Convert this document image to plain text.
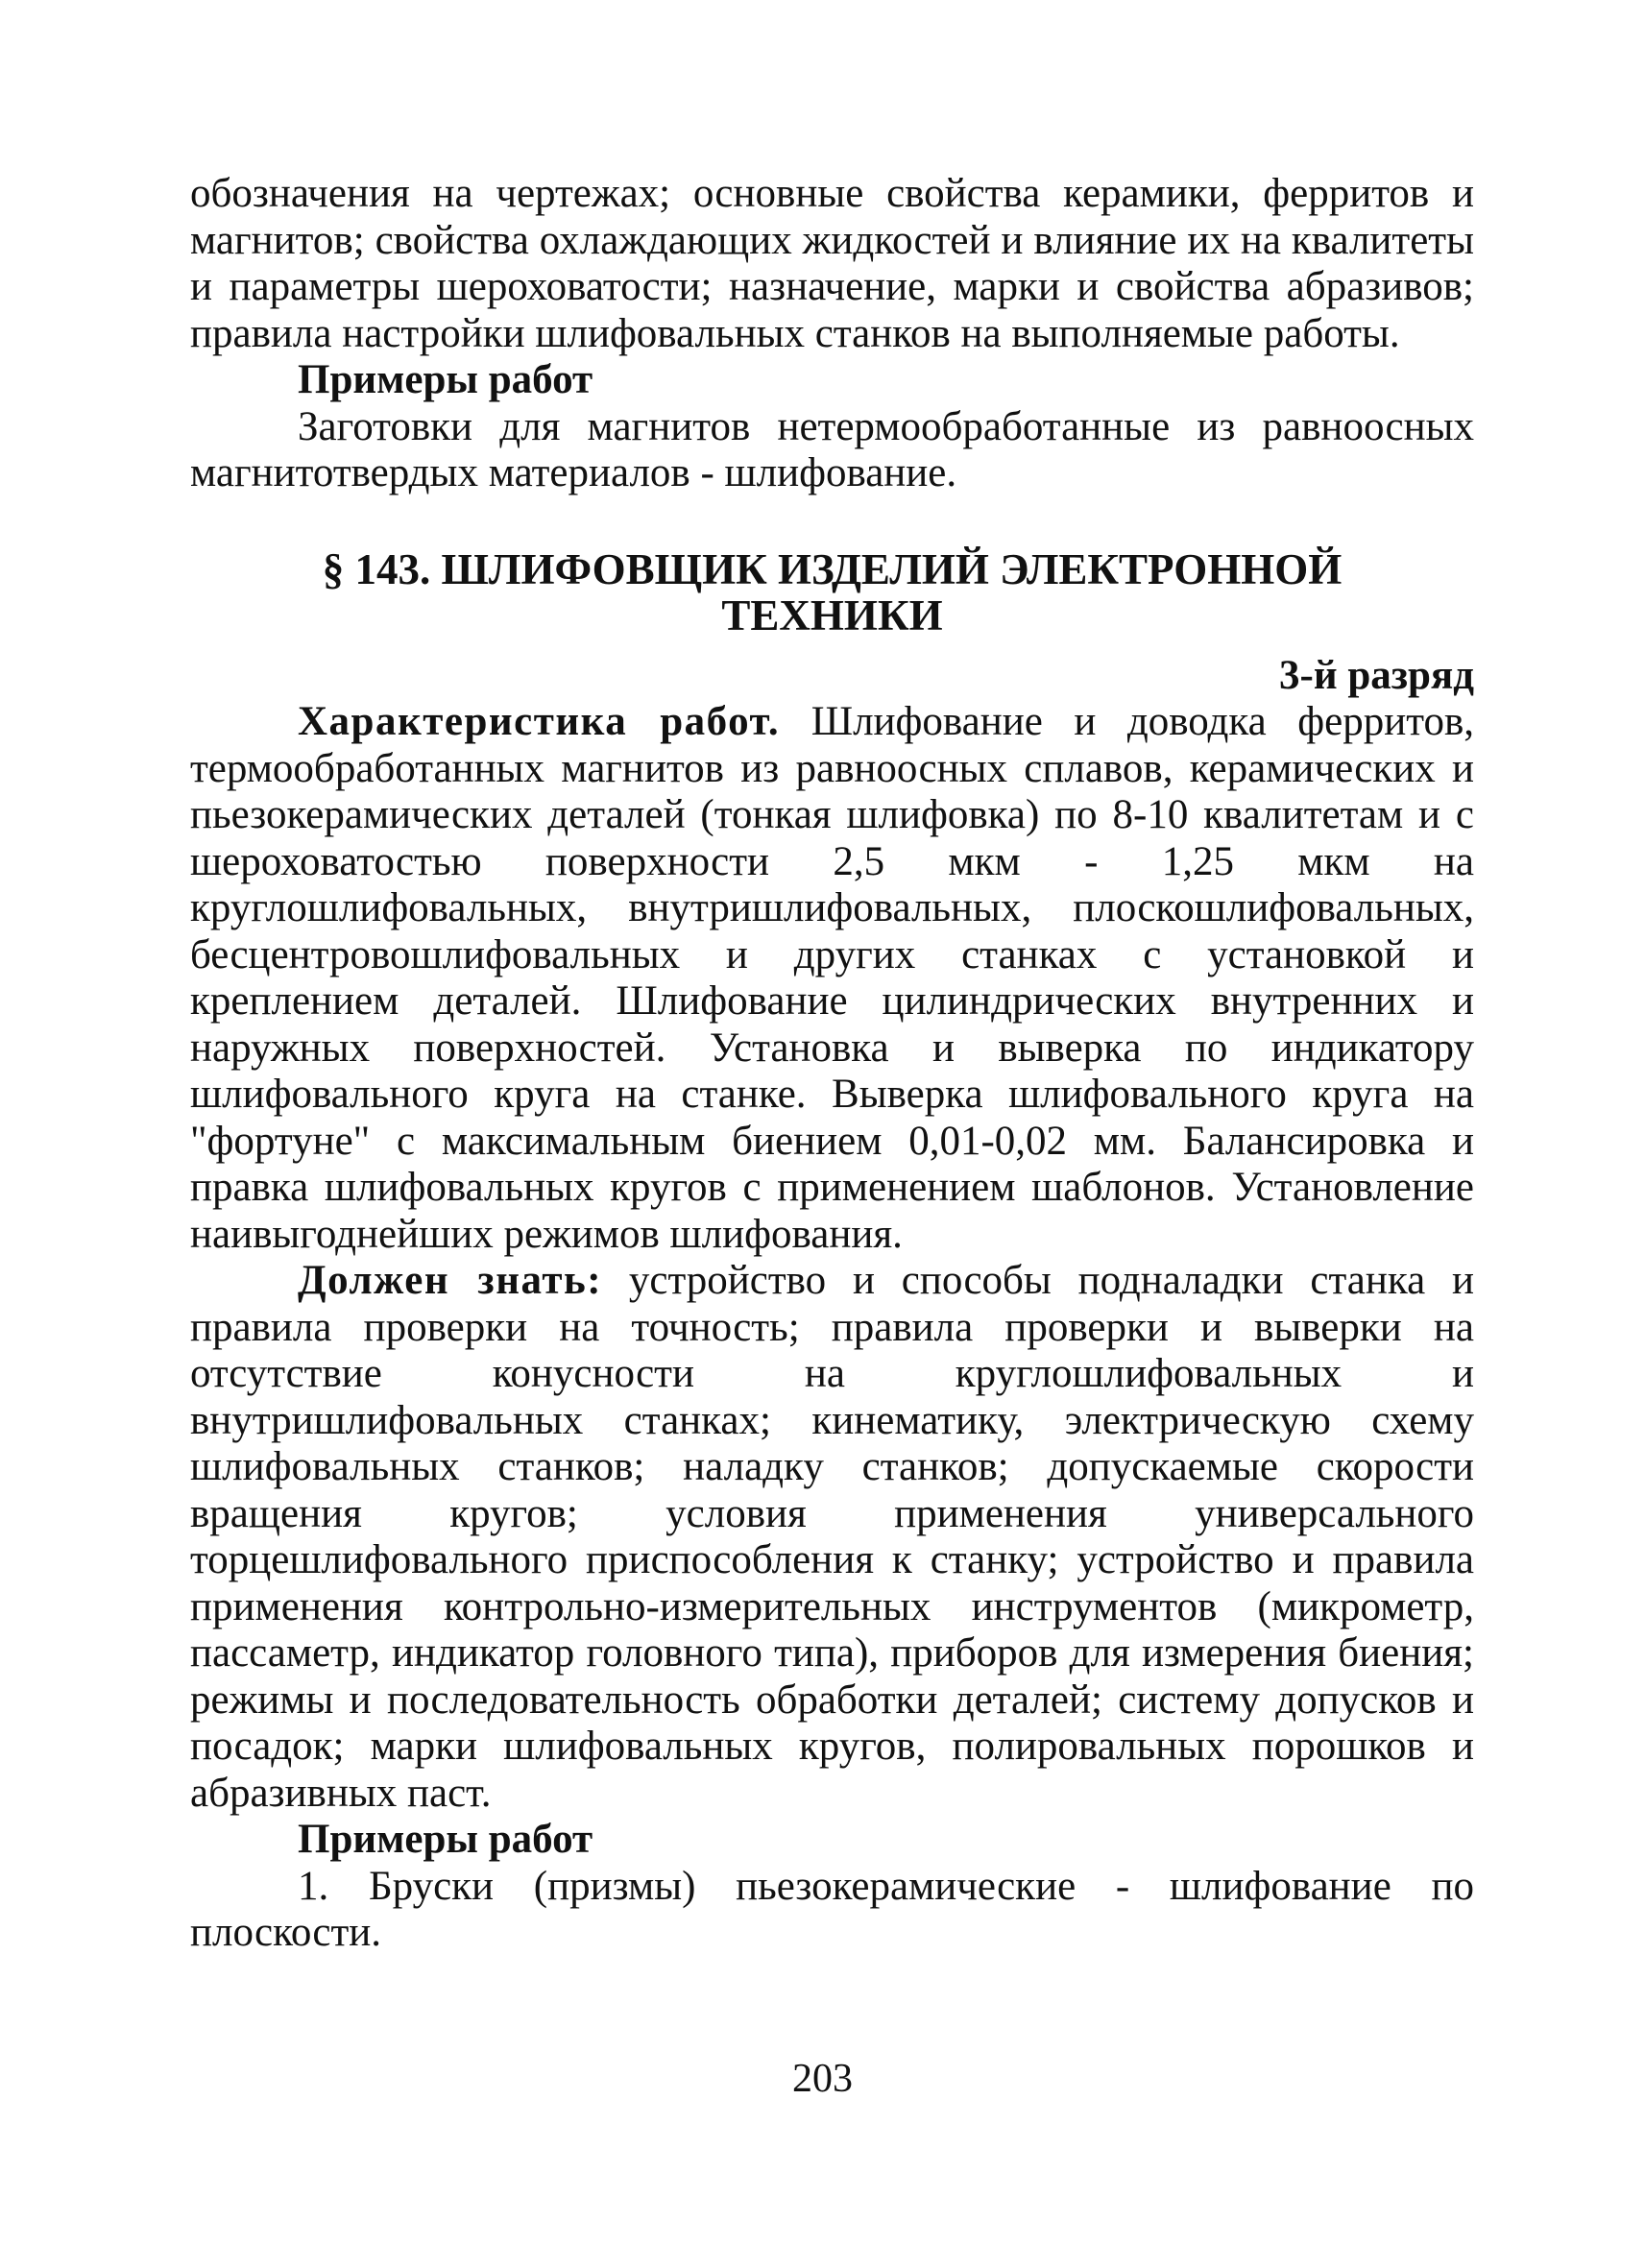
обозначения на чертежах; основные свойства керамики, ферритов и магнитов; свойства охлаждающих жидкостей и влияние их на квалитеты и параметры шероховатости; назначение, марки и свойства абразивов; правила настройки шлифовальных станков на выполняемые работы.

Примеры работ

Заготовки для магнитов нетермообработанные из равноосных магнитотвердых материалов - шлифование.

§ 143. ШЛИФОВЩИК ИЗДЕЛИЙ ЭЛЕКТРОННОЙ
ТЕХНИКИ

3-й разряд

Характеристика работ. Шлифование и доводка ферритов, термообработанных магнитов из равноосных сплавов, керамических и пьезокерамических деталей (тонкая шлифовка) по 8-10 квалитетам и с шероховатостью поверхности 2,5 мкм - 1,25 мкм на круглошлифовальных, внутришлифовальных, плоскошлифовальных, бесцентровошлифовальных и других станках с установкой и креплением деталей. Шлифование цилиндрических внутренних и наружных поверхностей. Установка и выверка по индикатору шлифовального круга на станке. Выверка шлифовального круга на "фортуне" с максимальным биением 0,01-0,02 мм. Балансировка и правка шлифовальных кругов с применением шаблонов. Установление наивыгоднейших режимов шлифования.

Должен знать: устройство и способы подналадки станка и правила проверки на точность; правила проверки и выверки на отсутствие конусности на круглошлифовальных и внутришлифовальных станках; кинематику, электрическую схему шлифовальных станков; наладку станков; допускаемые скорости вращения кругов; условия применения универсального торцешлифовального приспособления к станку; устройство и правила применения контрольно-измерительных инструментов (микрометр, пассаметр, индикатор головного типа), приборов для измерения биения; режимы и последовательность обработки деталей; систему допусков и посадок; марки шлифовальных кругов, полировальных порошков и абразивных паст.

Примеры работ

1. Бруски (призмы) пьезокерамические - шлифование по плоскости.

203
